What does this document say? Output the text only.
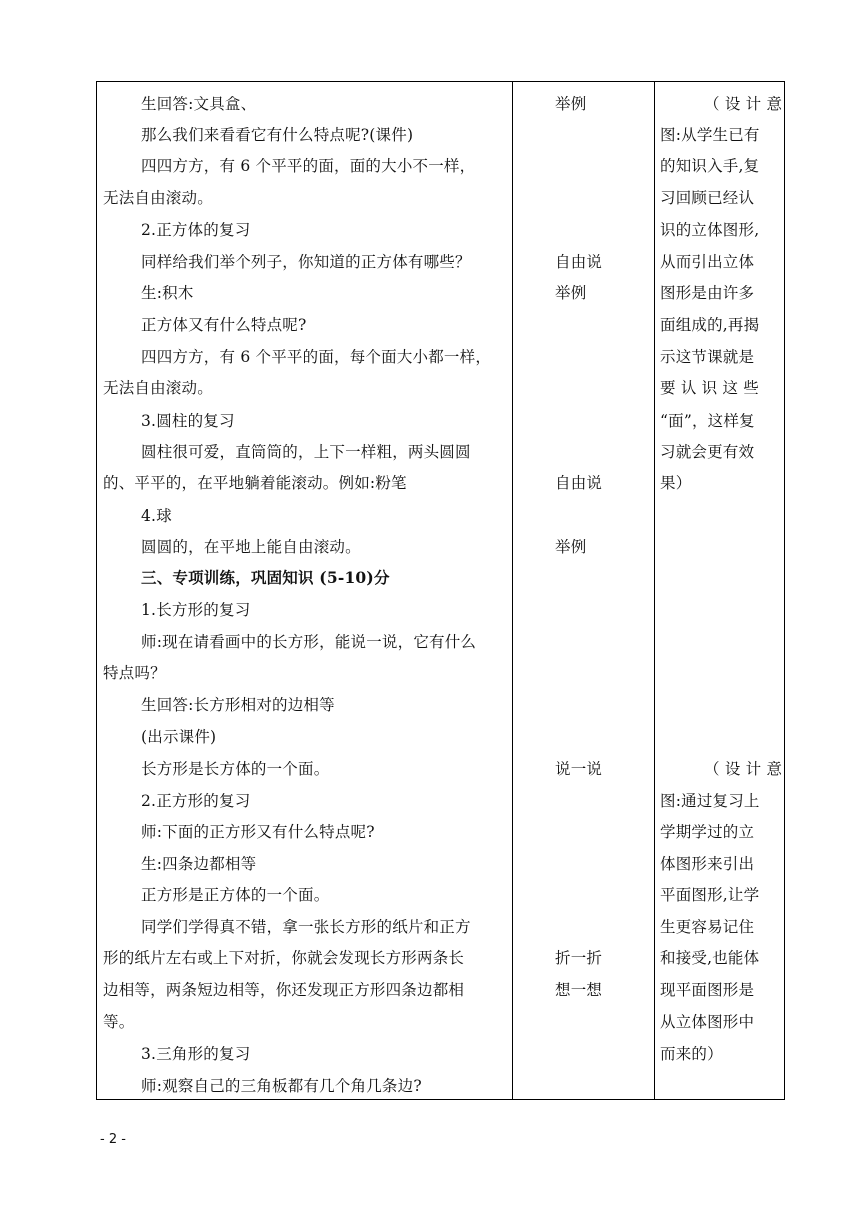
生回答:文具盒、
那么我们来看看它有什么特点呢?(课件)
四四方方，有 6 个平平的面，面的大小不一样，
无法自由滚动。
2.正方体的复习
同样给我们举个列子，你知道的正方体有哪些？
生:积木
正方体又有什么特点呢?
四四方方，有 6 个平平的面，每个面大小都一样，
无法自由滚动。
3.圆柱的复习
圆柱很可爱，直筒筒的，上下一样粗，两头圆圆
的、平平的，在平地躺着能滚动。例如:粉笔
4.球
圆圆的，在平地上能自由滚动。
三、专项训练，巩固知识 (5-10)分
1.长方形的复习
师:现在请看画中的长方形，能说一说，它有什么
特点吗？
生回答:长方形相对的边相等
(出示课件)
长方形是长方体的一个面。
2.正方形的复习
师:下面的正方形又有什么特点呢?
生:四条边都相等
正方形是正方体的一个面。
同学们学得真不错，拿一张长方形的纸片和正方
形的纸片左右或上下对折，你就会发现长方形两条长
边相等，两条短边相等，你还发现正方形四条边都相
等。
3.三角形的复习
师:观察自己的三角板都有几个角几条边?
举例
自由说
举例
自由说
举例
说一说
折一折
想一想
（ 设 计 意
图:从学生已有
的知识入手,复
习回顾已经认
识的立体图形,
从而引出立体
图形是由许多
面组成的,再揭
示这节课就是
要 认 识 这 些
“面”，这样复
习就会更有效
果）
（ 设 计 意
图:通过复习上
学期学过的立
体图形来引出
平面图形,让学
生更容易记住
和接受,也能体
现平面图形是
从立体图形中
而来的）
- 2 -
